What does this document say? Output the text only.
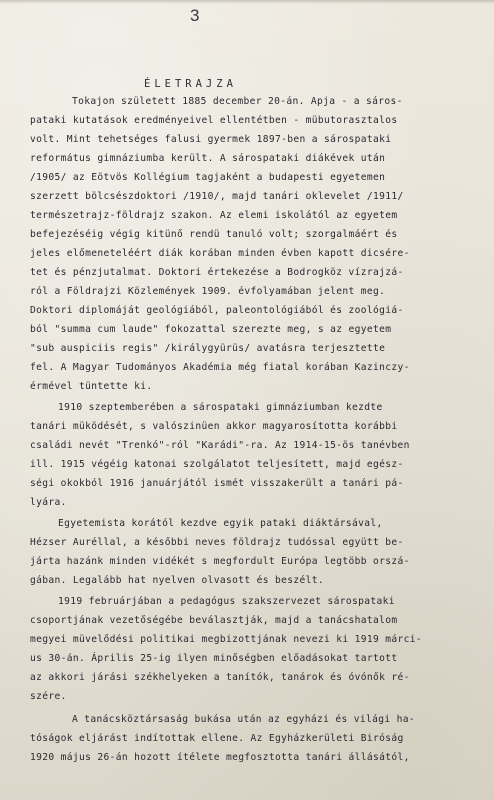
3
ÉLETRAJZA
Tokajon született 1885 december 20-án. Apja - a sáros-
pataki kutatások eredményeivel ellentétben - mübutorasztalos
volt. Mint tehetséges falusi gyermek 1897-ben a sárospataki
református gimnáziumba került. A sárospataki diákévek után
/1905/ az Eötvös Kollégium tagjaként a budapesti egyetemen
szerzett bölcsészdoktori /1910/, majd tanári oklevelet /1911/
természetrajz-földrajz szakon. Az elemi iskolától az egyetem
befejezéséig végig kitünő rendü tanuló volt; szorgalmáért és
jeles előmeneteléért diák korában minden évben kapott dicsére-
tet és pénzjutalmat. Doktori értekezése a Bodrogköz vízrajzá-
ról a Földrajzi Közlemények 1909. évfolyamában jelent meg.
Doktori diplomáját geológiából, paleontológiából és zoológiá-
ból "summa cum laude" fokozattal szerezte meg, s az egyetem
"sub auspiciis regis" /királygyürüs/ avatásra terjesztette
fel. A Magyar Tudományos Akadémia még fiatal korában Kazinczy-
érmével tüntette ki.
1910 szeptemberében a sárospataki gimnáziumban kezdte
tanári müködését, s valószinüen akkor magyarosította korábbi
családi nevét "Trenkó"-ról "Karádi"-ra. Az 1914-15-ös tanévben
ill. 1915 végéig katonai szolgálatot teljesített, majd egész-
ségi okokból 1916 januárjától ismét visszakerült a tanári pá-
lyára.
Egyetemista korától kezdve egyik pataki diáktársával,
Hézser Auréllal, a későbbi neves földrajz tudóssal együtt be-
járta hazánk minden vidékét s megfordult Európa legtöbb orszá-
gában. Legalább hat nyelven olvasott és beszélt.
1919 februárjában a pedagógus szakszervezet sárospataki
csoportjának vezetőségébe beválasztják, majd a tanácshatalom
megyei müvelődési politikai megbizottjának nevezi ki 1919 márci-
us 30-án. Április 25-ig ilyen minőségben előadásokat tartott
az akkori járási székhelyeken a tanítók, tanárok és óvónők ré-
szére.
A tanácsköztársaság bukása után az egyházi és világi ha-
tóságok eljárást indítottak ellene. Az Egyházkerületi Biróság
1920 május 26-án hozott ítélete megfosztotta tanári állásától,
